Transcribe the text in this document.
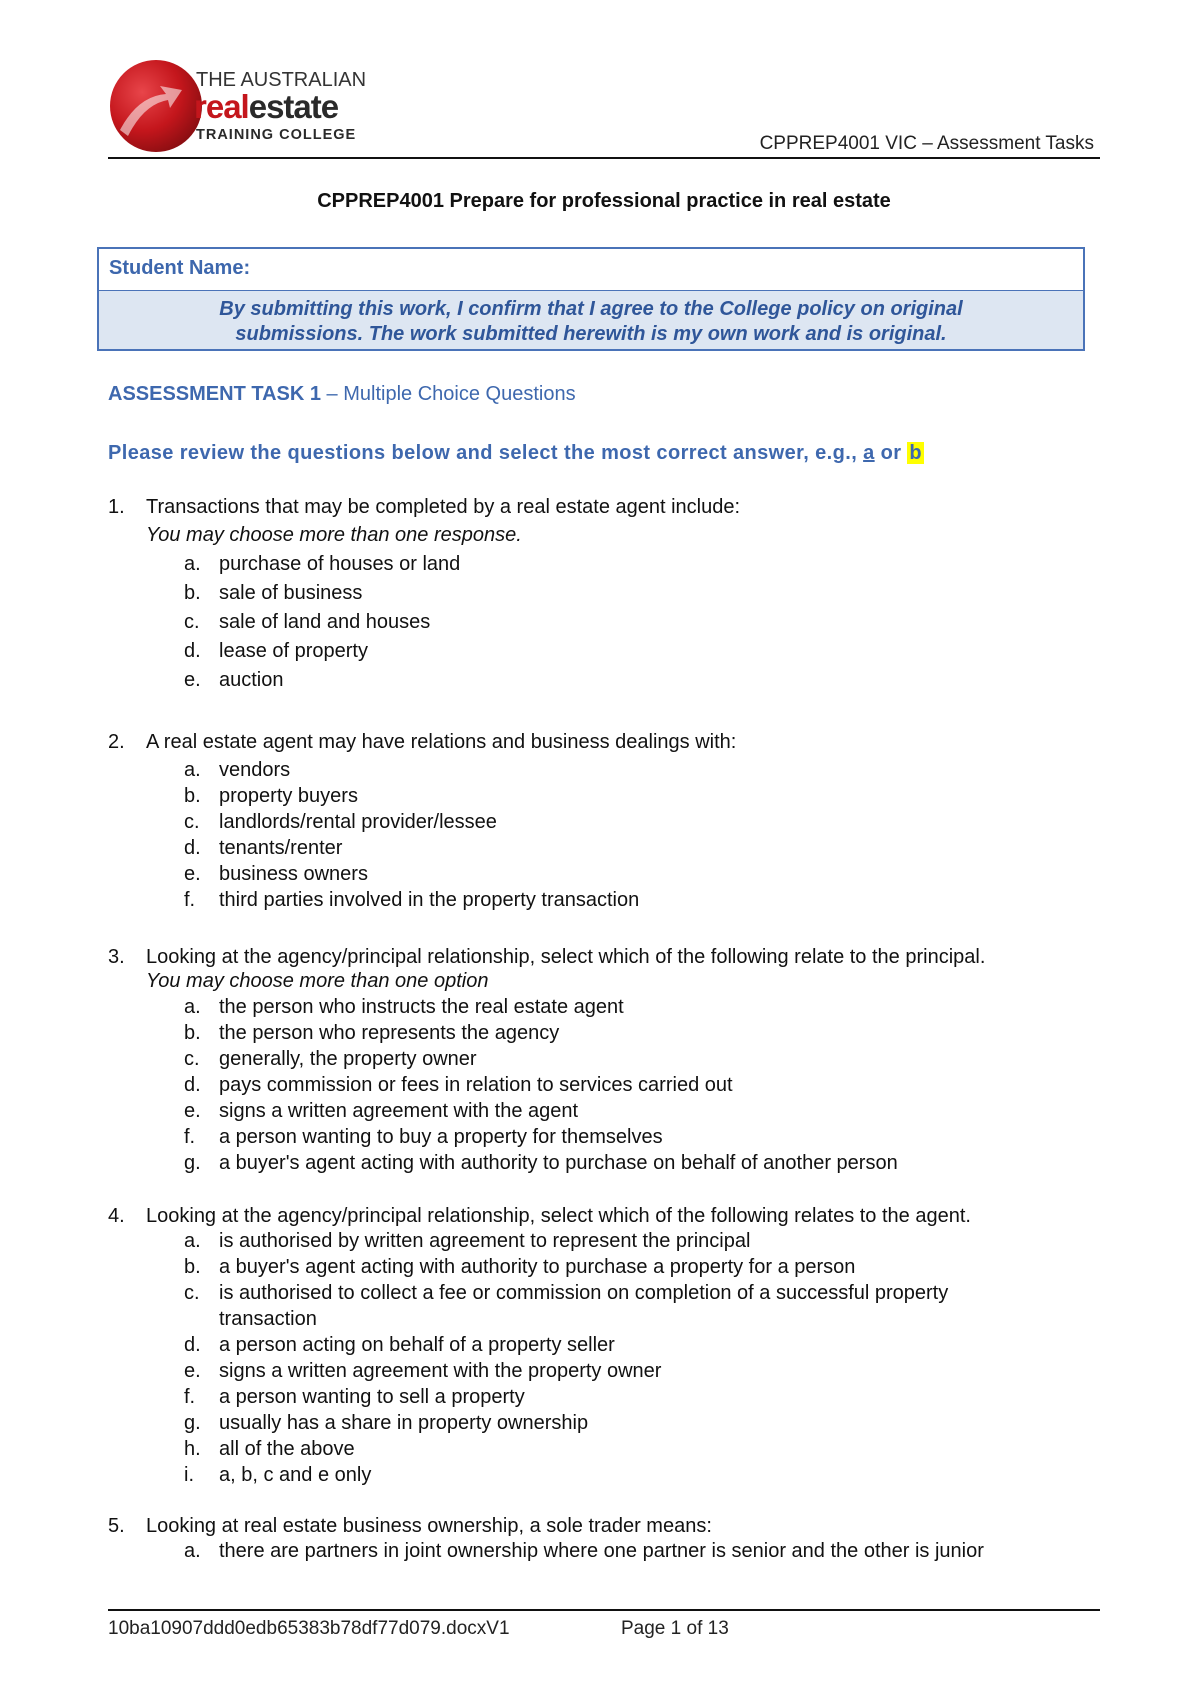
THE AUSTRALIAN
realestate
TRAINING COLLEGE	CPPREP4001 VIC – Assessment Tasks
CPPREP4001 Prepare for professional practice in real estate
Student Name:
By submitting this work, I confirm that I agree to the College policy on original
submissions. The work submitted herewith is my own work and is original.
ASSESSMENT TASK 1 – Multiple Choice Questions
Please review the questions below and select the most correct answer, e.g., a or b
1.	Transactions that may be completed by a real estate agent include:
You may choose more than one response.
a. purchase of houses or land
b. sale of business
c. sale of land and houses
d. lease of property
e. auction
2.	A real estate agent may have relations and business dealings with:
a. vendors
b. property buyers
c. landlords/rental provider/lessee
d. tenants/renter
e. business owners
f. third parties involved in the property transaction
3.	Looking at the agency/principal relationship, select which of the following relate to the principal.
You may choose more than one option
a. the person who instructs the real estate agent
b. the person who represents the agency
c. generally, the property owner
d. pays commission or fees in relation to services carried out
e. signs a written agreement with the agent
f. a person wanting to buy a property for themselves
g. a buyer's agent acting with authority to purchase on behalf of another person
4.	Looking at the agency/principal relationship, select which of the following relates to the agent.
a. is authorised by written agreement to represent the principal
b. a buyer's agent acting with authority to purchase a property for a person
c. is authorised to collect a fee or commission on completion of a successful property
transaction
d. a person acting on behalf of a property seller
e. signs a written agreement with the property owner
f. a person wanting to sell a property
g. usually has a share in property ownership
h. all of the above
i. a, b, c and e only
5.	Looking at real estate business ownership, a sole trader means:
a. there are partners in joint ownership where one partner is senior and the other is junior
10ba10907ddd0edb65383b78df77d079.docxV1	Page 1 of 13
